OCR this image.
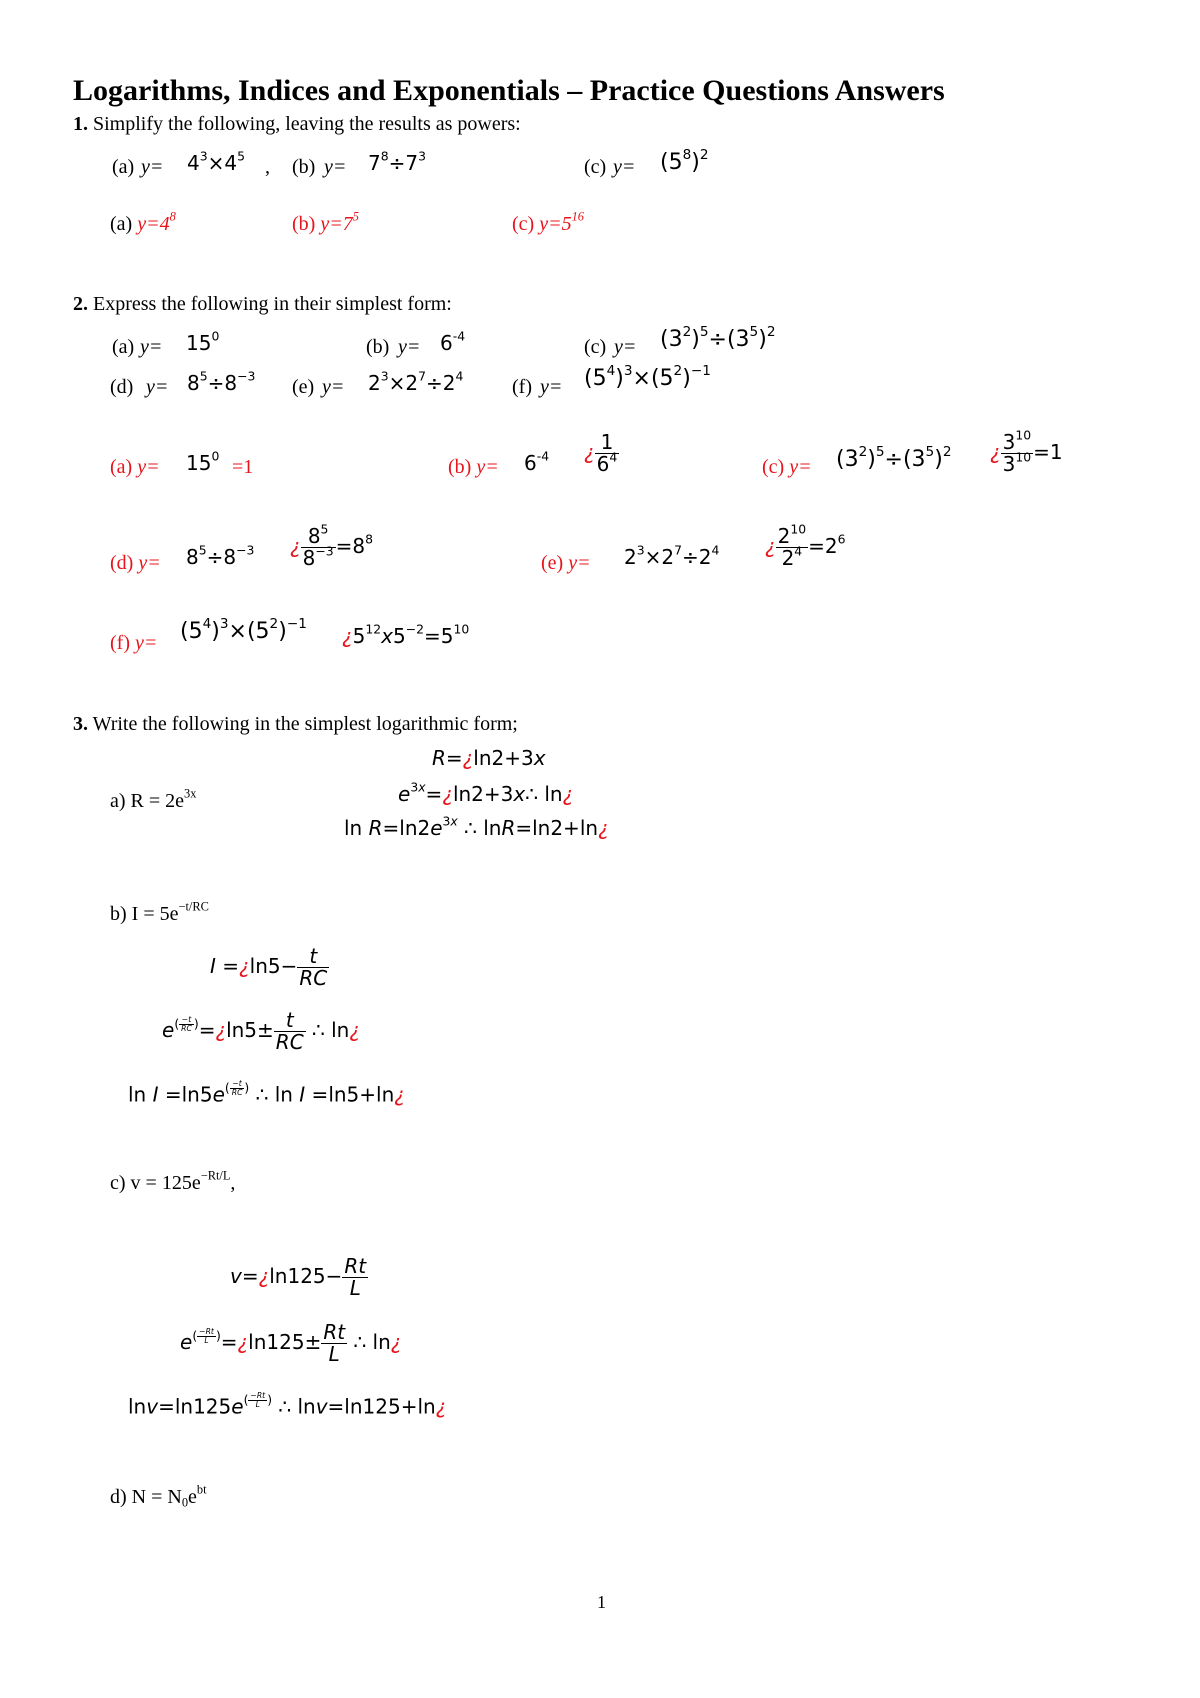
Logarithms, Indices and Exponentials – Practice Questions Answers
1. Simplify the following, leaving the results as powers:
(a) $y= 4^3\times 4^5$ , (b) $y= 7^8\div 7^3$	(c) $y= (5^8)^2$
(a) $y=4^8$	(b) $y=7^5$	(c) $y=5^{16}$
2. Express the following in their simplest form:
(a) $y= 15^0$	(b) $y= 6^{-4}$	(c) $y= (3^2)^5\div(3^5)^2$
(d) $y= 8^5\div 8^{-3}$ (e) $y= 2^3\times 2^7\div 2^4$ (f) $y= (5^4)^3\times(5^2)^{-1}$
(a) $y= 15^0 =1$	(b) $y= 6^{-4}$ ¿ $\frac{1}{6^4}$	(c) $y= (3^2)^5\div(3^5)^2$ ¿ $\frac{3^{10}}{3^{10}} =1$
(d) $y= 8^5\div 8^{-3}$ ¿ $\frac{8^5}{8^{-3}} =8^8$
(e) $y= 2^3\times 2^7\div 2^4$ ¿ $\frac{2^{10}}{2^4} =2^6$
(f) $y= (5^4)^3\times(5^2)^{-1}$
¿$5^{12}x5^{-2}=5^{10}$
3. Write the following in the simplest logarithmic form;
R=¿ln2+3x
a) $R = 2e^{3x}$	$e^{3x}=¿\ln 2+3x\therefore$ ln¿
$\ln R=\ln 2e^{3x}$ ∴ lnR=ln2+ln¿
b) $I = 5e^{-t/RC}$
I =¿ln5− $\frac{t}{RC}$
$e^{( \frac{-t}{RC} )}=¿\ln 5\pm \frac{t}{RC}$ ∴ ln¿
$\ln I =\ln 5e^{( \frac{-t}{RC} )}$ ∴ ln I =ln5+ln¿
c) $v = 125e^{-Rt/L}$,
v=¿ln125− $\frac{Rt}{L}$
$e^{( \frac{-Rt}{L} )}=¿\ln 125\pm \frac{Rt}{L}$ ∴ ln¿
$\ln v=\ln 125e^{( \frac{-Rt}{L} )}$ ∴ lnv=ln125+ln¿
d) $N = N_0e^{bt}$
1
